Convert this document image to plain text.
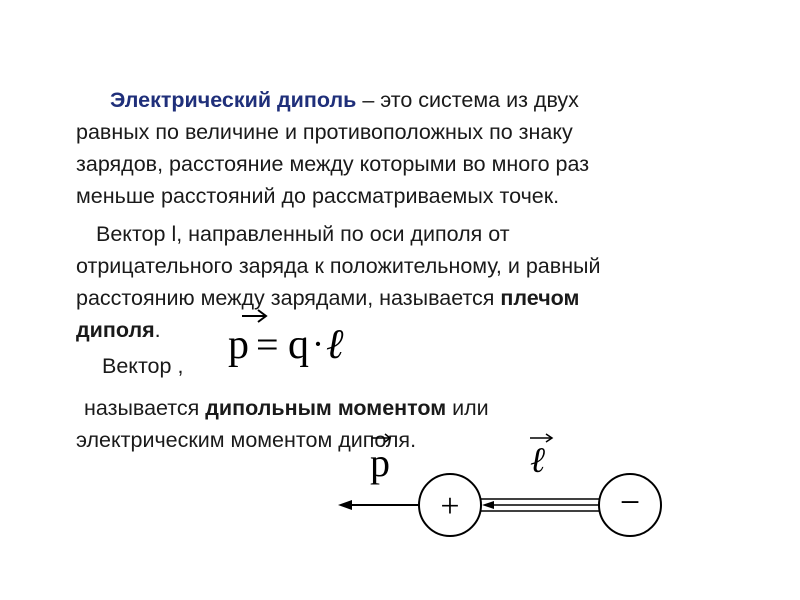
Электрический диполь – это система из двух
равных по величине и противоположных по знаку
зарядов, расстояние между которыми во много раз
меньше расстояний до рассматриваемых точек.

Вектор l, направленный по оси диполя от
отрицательного заряда к положительному, и равный
расстоянию между зарядами, называется плечом
диполя.

Вектор ,

называется дипольным моментом или
электрическим моментом диполя.

p = q · ℓ
p	ℓ
+	−
